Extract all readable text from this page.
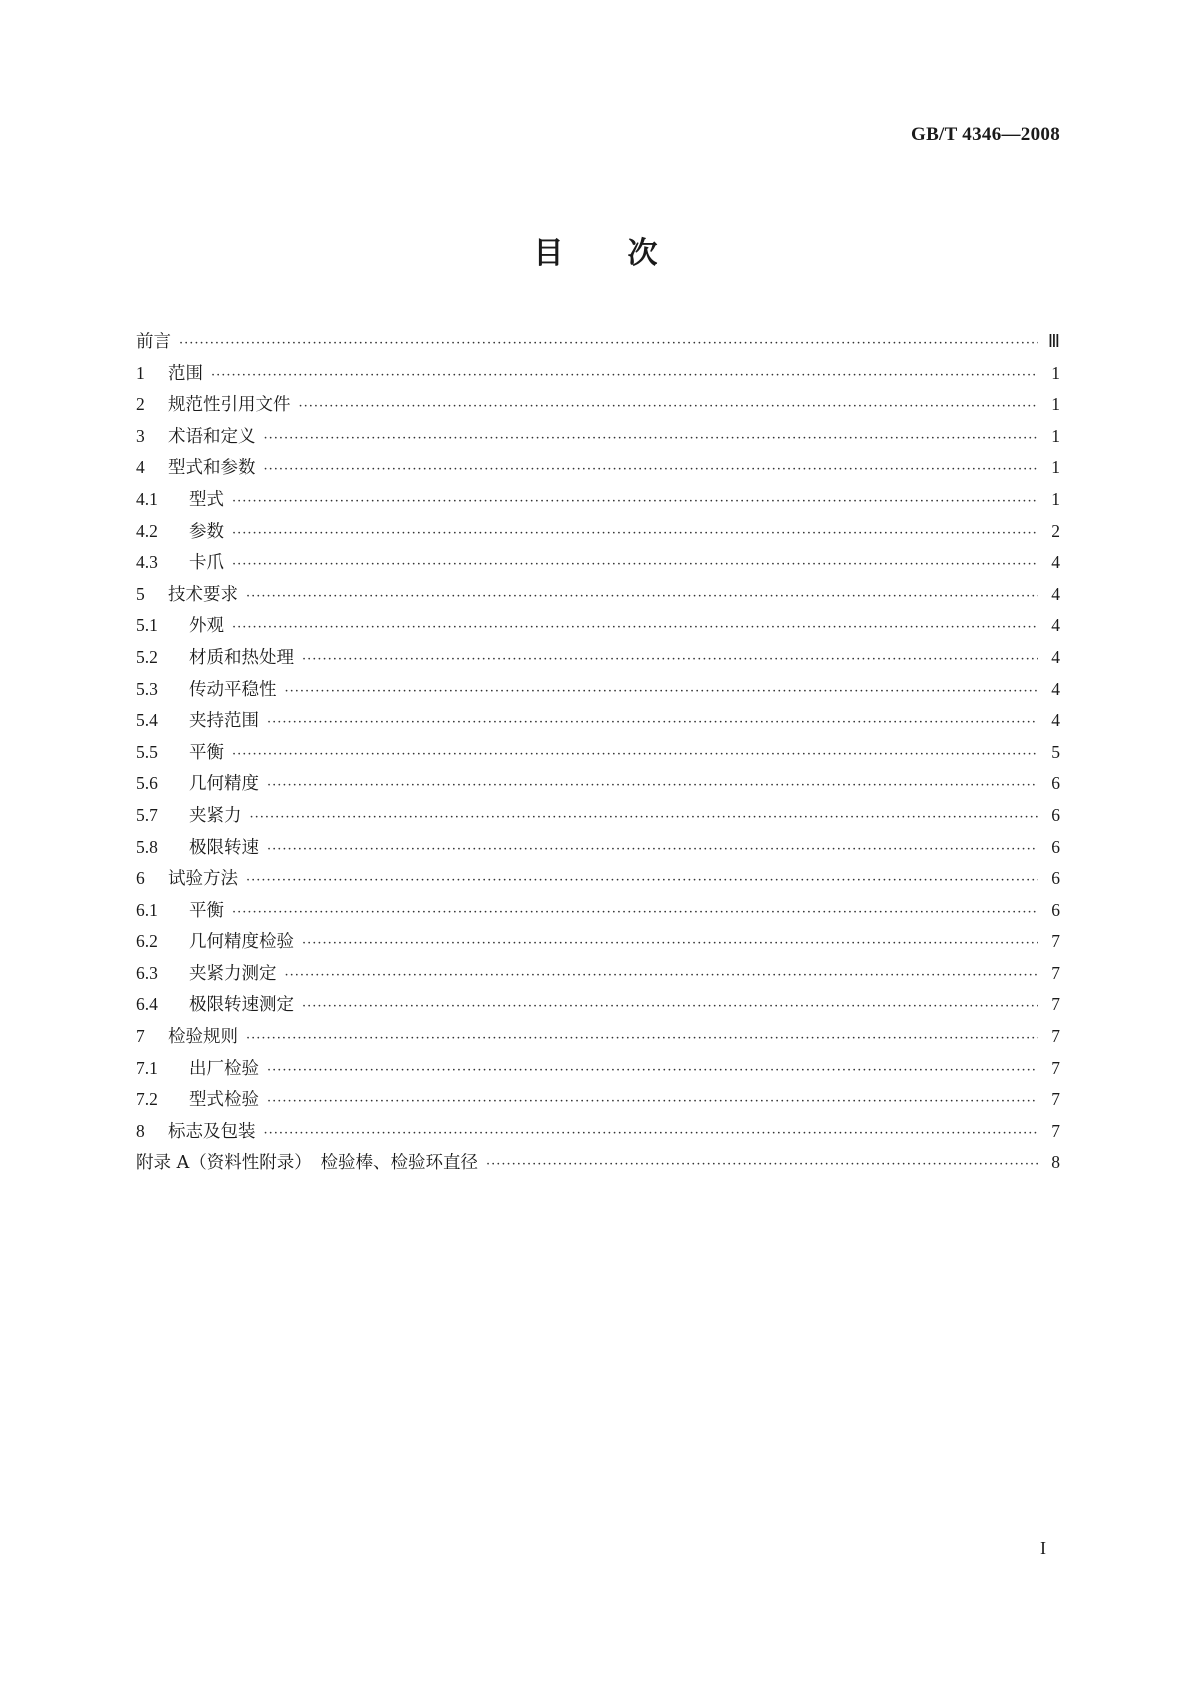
GB/T 4346—2008
目 次
前言 ·····	Ⅲ
1	范围 ·····	1
2	规范性引用文件 ·····	1
3	术语和定义 ·····	1
4	型式和参数 ·····	1
4.1	型式 ·····	1
4.2	参数 ·····	2
4.3	卡爪 ·····	4
5	技术要求 ·····	4
5.1	外观 ·····	4
5.2	材质和热处理 ·····	4
5.3	传动平稳性 ·····	4
5.4	夹持范围 ·····	4
5.5	平衡 ·····	5
5.6	几何精度 ·····	6
5.7	夹紧力 ·····	6
5.8	极限转速 ·····	6
6	试验方法 ·····	6
6.1	平衡 ·····	6
6.2	几何精度检验 ·····	7
6.3	夹紧力测定 ·····	7
6.4	极限转速测定 ·····	7
7	检验规则 ·····	7
7.1	出厂检验 ·····	7
7.2	型式检验 ·····	7
8	标志及包装 ·····	7
附录 A（资料性附录）　检验棒、检验环直径 ·····	8
I
